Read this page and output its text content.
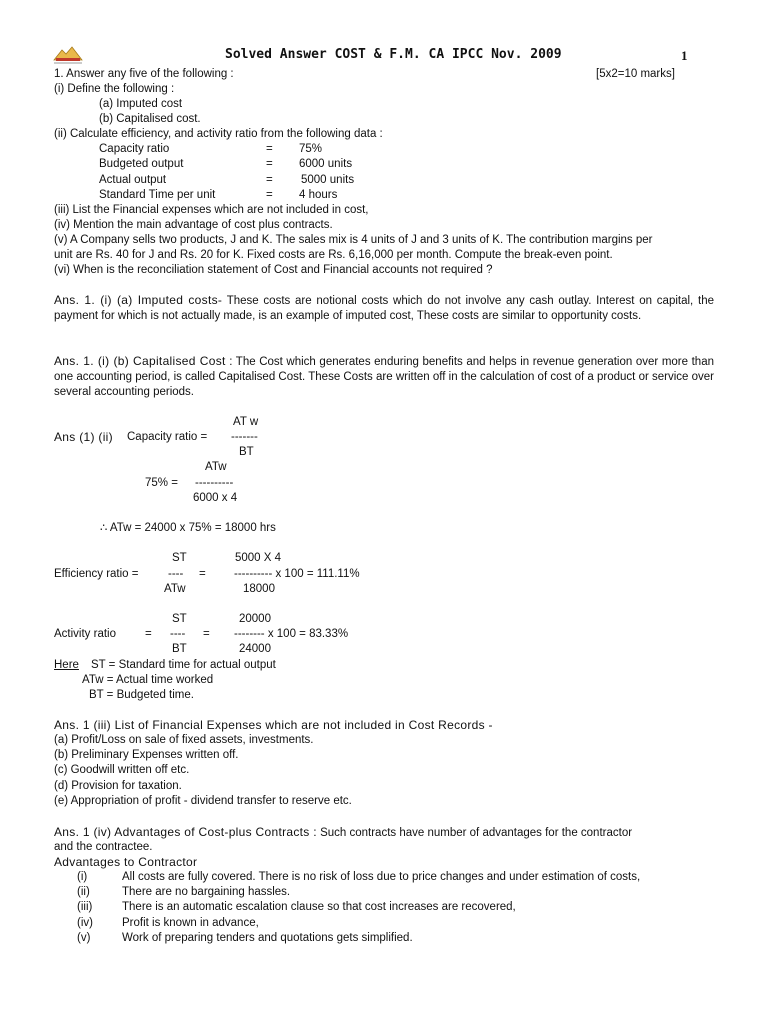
Solved Answer COST & F.M. CA IPCC Nov. 2009	1
1. Answer any five of the following :	[5x2=10 marks]
(i) Define the following :
(a) Imputed cost
(b) Capitalised cost.
(ii) Calculate efficiency, and activity ratio from the following data :
Capacity ratio	= 75%
Budgeted output	= 6000 units
Actual output	= 5000 units
Standard Time per unit	= 4 hours
(iii) List the Financial expenses which are not included in cost,
(iv) Mention the main advantage of cost plus contracts.
(v) A Company sells two products, J and K. The sales mix is 4 units of J and 3 units of K. The contribution margins per
unit are Rs. 40 for J and Rs. 20 for K. Fixed costs are Rs. 6,16,000 per month. Compute the break-even point.
(vi) When is the reconciliation statement of Cost and Financial accounts not required ?
Ans. 1. (i) (a) Imputed costs- These costs are notional costs which do not involve any cash outlay. Interest on capital, the payment for which is not actually made, is an example of imputed cost, These costs are similar to opportunity costs.
Ans. 1. (i) (b) Capitalised Cost : The Cost which generates enduring benefits and helps in revenue generation over more than one accounting period, is called Capitalised Cost. These Costs are written off in the calculation of cost of a product or service over several accounting periods.
AT w
Ans (1) (ii) Capacity ratio = -------
BT
ATw
75% = ----------
6000 x 4
∴ ATw = 24000 x 75% = 18000 hrs
ST	5000 X 4
Efficiency ratio =	---- = ---------- x 100 = 111.11%
ATw	18000
ST	20000
Activity ratio	= ---- = -------- x 100 = 83.33%
BT	24000
Here ST = Standard time for actual output
ATw = Actual time worked
BT = Budgeted time.
Ans. 1 (iii) List of Financial Expenses which are not included in Cost Records -
(a) Profit/Loss on sale of fixed assets, investments.
(b) Preliminary Expenses written off.
(c) Goodwill written off etc.
(d) Provision for taxation.
(e) Appropriation of profit - dividend transfer to reserve etc.
Ans. 1 (iv) Advantages of Cost-plus Contracts : Such contracts have number of advantages for the contractor
and the contractee.
Advantages to Contractor
(i)	All costs are fully covered. There is no risk of loss due to price changes and under estimation of costs,
(ii)	There are no bargaining hassles.
(iii)	There is an automatic escalation clause so that cost increases are recovered,
(iv)	Profit is known in advance,
(v)	Work of preparing tenders and quotations gets simplified.
